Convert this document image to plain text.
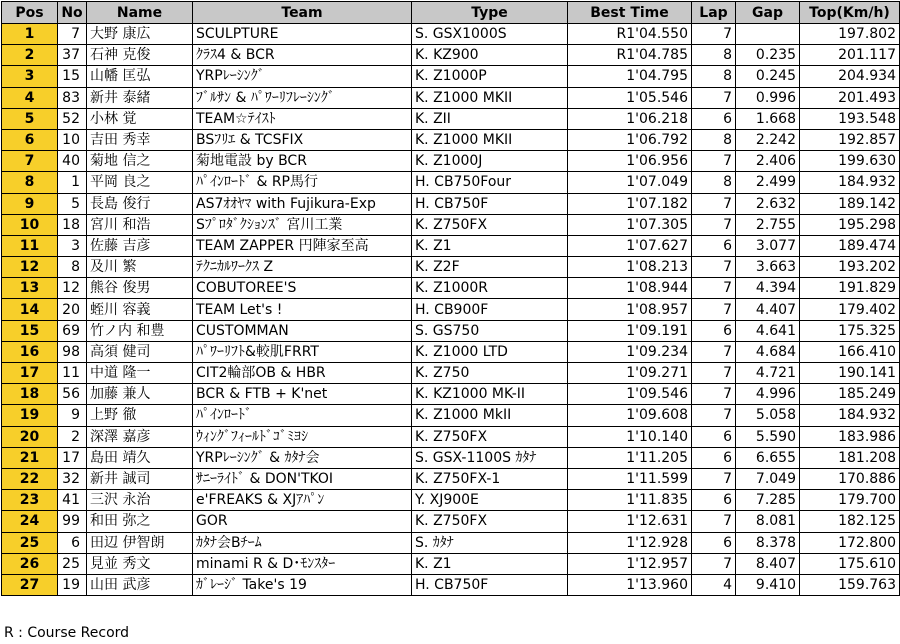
Pos	No	Name	Team	Type	Best Time	Lap	Gap	Top(Km/h)
1	7	大野 康広	SCULPTURE	S. GSX1000S	R1'04.550	7		197.802
2	37	石神 克俊	ｸﾗｽ4 & BCR	K. KZ900	R1'04.785	8	0.235	201.117
3	15	山幡 匡弘	YRPﾚｰｼﾝｸﾞ	K. Z1000P	1'04.795	8	0.245	204.934
4	83	新井 泰緒	ﾌﾞﾙｻﾝ & ﾊﾟﾜｰﾘﾌﾚｰｼﾝｸﾞ	K. Z1000 MKII	1'05.546	7	0.996	201.493
5	52	小林 覚	TEAM☆ﾃｲｽﾄ	K. ZII	1'06.218	6	1.668	193.548
6	10	吉田 秀幸	BSﾌﾘｴ & TCSFIX	K. Z1000 MKII	1'06.792	8	2.242	192.857
7	40	菊地 信之	菊地電設 by BCR	K. Z1000J	1'06.956	7	2.406	199.630
8	1	平岡 良之	ﾊﾟｲﾝﾛｰﾄﾞ & RP馬行	H. CB750Four	1'07.049	8	2.499	184.932
9	5	長島 俊行	AS7ｵｵﾔﾏ with Fujikura-Exp	H. CB750F	1'07.182	7	2.632	189.142
10	18	宮川 和浩	Sﾌﾟﾛﾀﾞｸｼｮﾝｽﾞ 宮川工業	K. Z750FX	1'07.305	7	2.755	195.298
11	3	佐藤 吉彦	TEAM ZAPPER 円陣家至高	K. Z1	1'07.627	6	3.077	189.474
12	8	及川 繁	ﾃｸﾆｶﾙﾜｰｸｽ Z	K. Z2F	1'08.213	7	3.663	193.202
13	12	熊谷 俊男	COBUTOREE'S	K. Z1000R	1'08.944	7	4.394	191.829
14	20	蛭川 容義	TEAM Let's !	H. CB900F	1'08.957	7	4.407	179.402
15	69	竹ノ内 和豊	CUSTOMMAN	S. GS750	1'09.191	6	4.641	175.325
16	98	高須 健司	ﾊﾟﾜｰﾘﾌﾄ&較肌FRRT	K. Z1000 LTD	1'09.234	7	4.684	166.410
17	11	中道 隆一	CIT2輪部OB & HBR	K. Z750	1'09.271	7	4.721	190.141
18	56	加藤 兼人	BCR & FTB + K'net	K. KZ1000 MK-II	1'09.546	7	4.996	185.249
19	9	上野 徹	ﾊﾟｲﾝﾛｰﾄﾞ	K. Z1000 MkII	1'09.608	7	5.058	184.932
20	2	深澤 嘉彦	ｳｨﾝｸﾞﾌｨｰﾙﾄﾞｺﾞﾐﾖｼ	K. Z750FX	1'10.140	6	5.590	183.986
21	17	島田 靖久	YRPﾚｰｼﾝｸﾞ & ｶﾀﾅ会	S. GSX-1100S ｶﾀﾅ	1'11.205	6	6.655	181.208
22	32	新井 誠司	ｻﾆｰﾗｲﾄﾞ & DON'TKOI	K. Z750FX-1	1'11.599	7	7.049	170.886
23	41	三沢 永治	e'FREAKS & XJｱﾊﾟﾝ	Y. XJ900E	1'11.835	6	7.285	179.700
24	99	和田 弥之	GOR	K. Z750FX	1'12.631	7	8.081	182.125
25	6	田辺 伊智朗	ｶﾀﾅ会Bﾁｰﾑ	S. ｶﾀﾅ	1'12.928	6	8.378	172.800
26	25	見並 秀文	minami R & D･ﾓﾝｽﾀｰ	K. Z1	1'12.957	7	8.407	175.610
27	19	山田 武彦	ｶﾞﾚｰｼﾞ Take's 19	H. CB750F	1'13.960	4	9.410	159.763
R : Course Record
